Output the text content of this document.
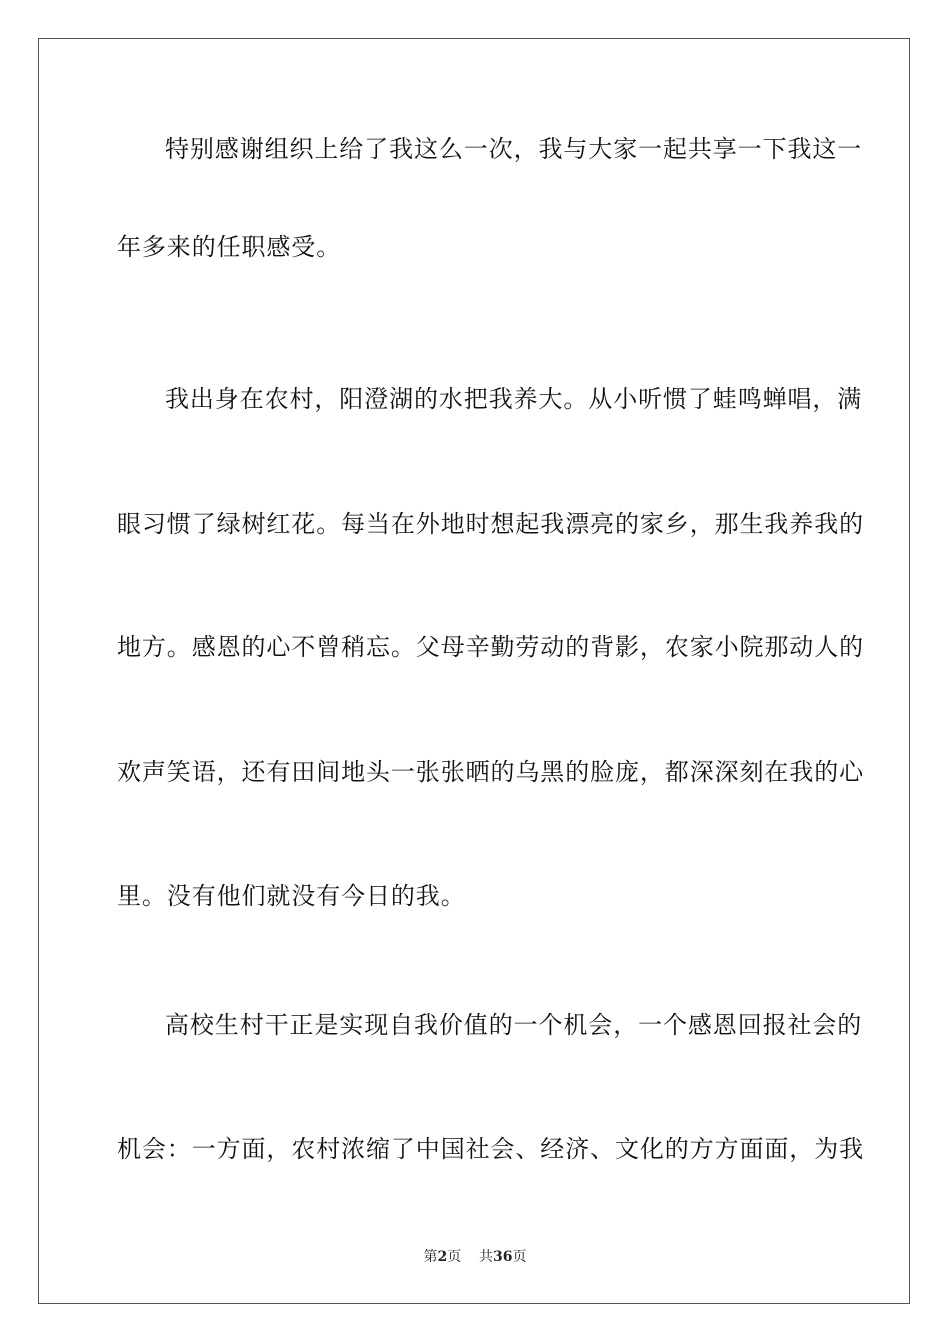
特别感谢组织上给了我这么一次，我与大家一起共享一下我这一
年多来的任职感受。
我出身在农村，阳澄湖的水把我养大。从小听惯了蛙鸣蝉唱，满
眼习惯了绿树红花。每当在外地时想起我漂亮的家乡，那生我养我的
地方。感恩的心不曾稍忘。父母辛勤劳动的背影，农家小院那动人的
欢声笑语，还有田间地头一张张晒的乌黑的脸庞，都深深刻在我的心
里。没有他们就没有今日的我。
高校生村干正是实现自我价值的一个机会，一个感恩回报社会的
机会：一方面，农村浓缩了中国社会、经济、文化的方方面面，为我
第2页 共36页
